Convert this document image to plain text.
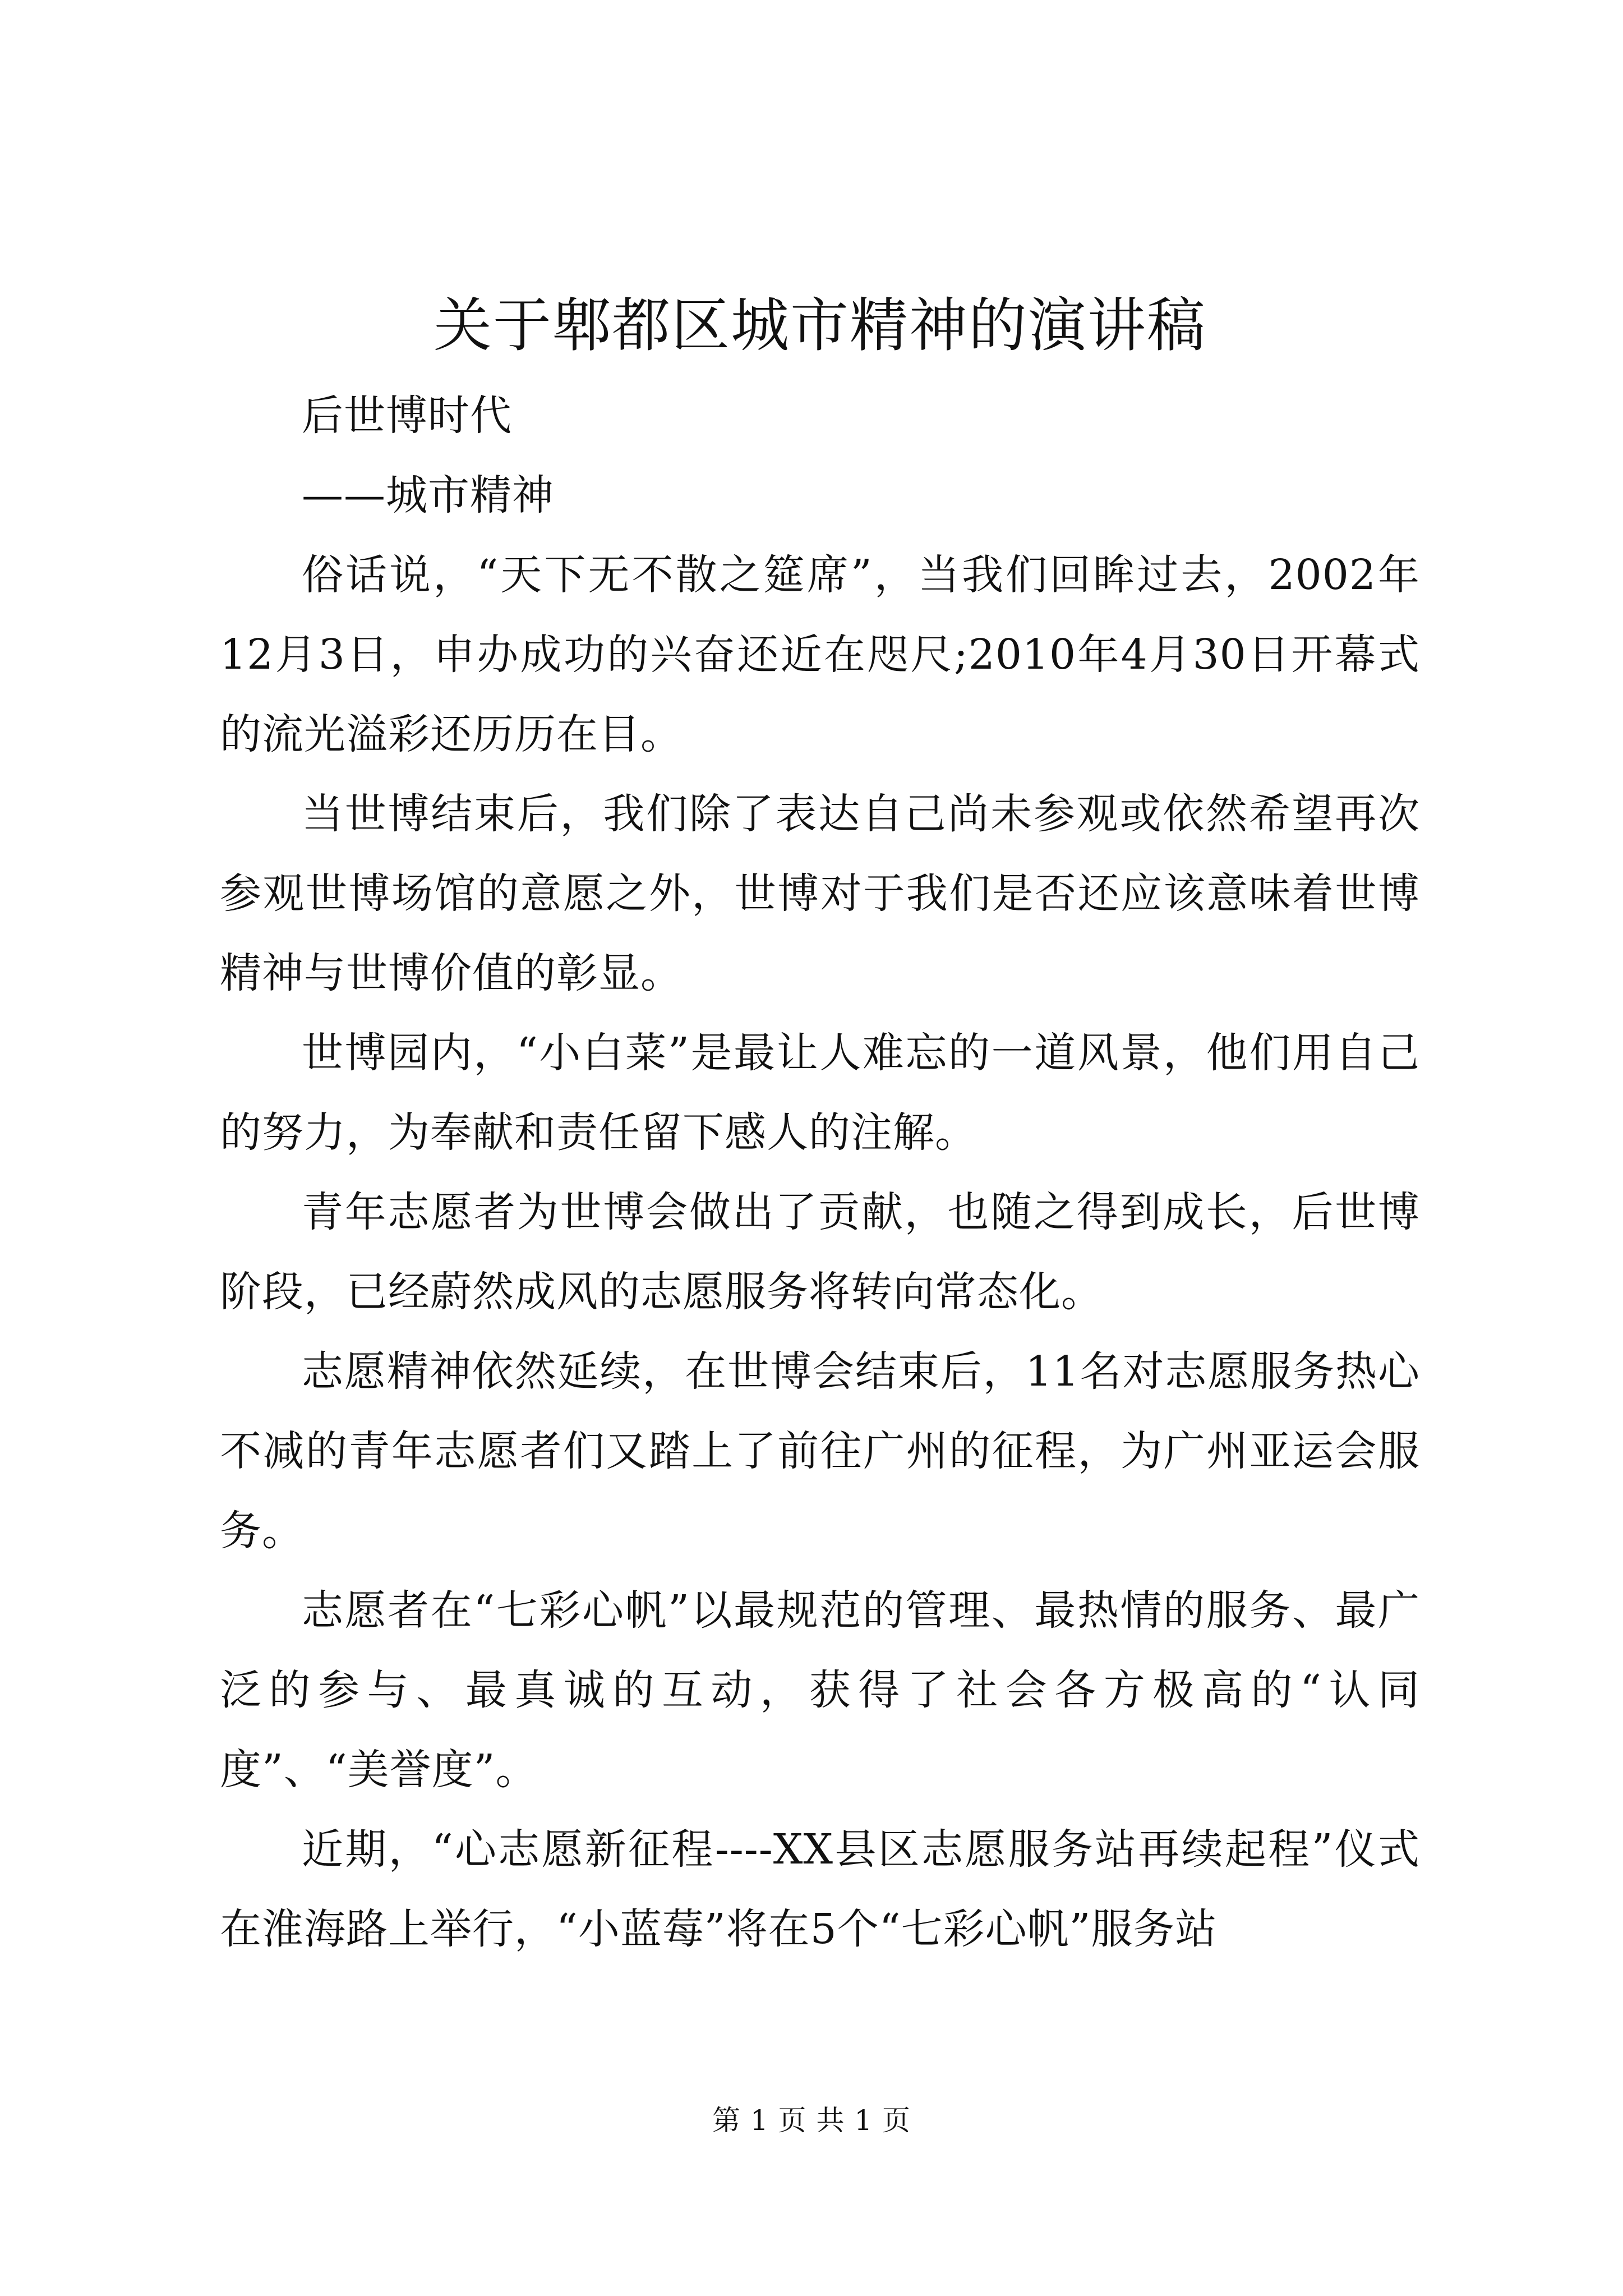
关于郫都区城市精神的演讲稿

后世博时代

——城市精神

俗话说，“天下无不散之筵席”，当我们回眸过去，2002年12月3日，申办成功的兴奋还近在咫尺;2010年4月30日开幕式的流光溢彩还历历在目。

当世博结束后，我们除了表达自己尚未参观或依然希望再次参观世博场馆的意愿之外，世博对于我们是否还应该意味着世博精神与世博价值的彰显。

世博园内，“小白菜”是最让人难忘的一道风景，他们用自己的努力，为奉献和责任留下感人的注解。

青年志愿者为世博会做出了贡献，也随之得到成长，后世博阶段，已经蔚然成风的志愿服务将转向常态化。

志愿精神依然延续，在世博会结束后，11名对志愿服务热心不减的青年志愿者们又踏上了前往广州的征程，为广州亚运会服务。

志愿者在“七彩心帆”以最规范的管理、最热情的服务、最广泛的参与、最真诚的互动，获得了社会各方极高的“认同度”、“美誉度”。

近期，“心志愿新征程----XX县区志愿服务站再续起程”仪式在淮海路上举行，“小蓝莓”将在5个“七彩心帆”服务站

第 1 页 共 1 页
